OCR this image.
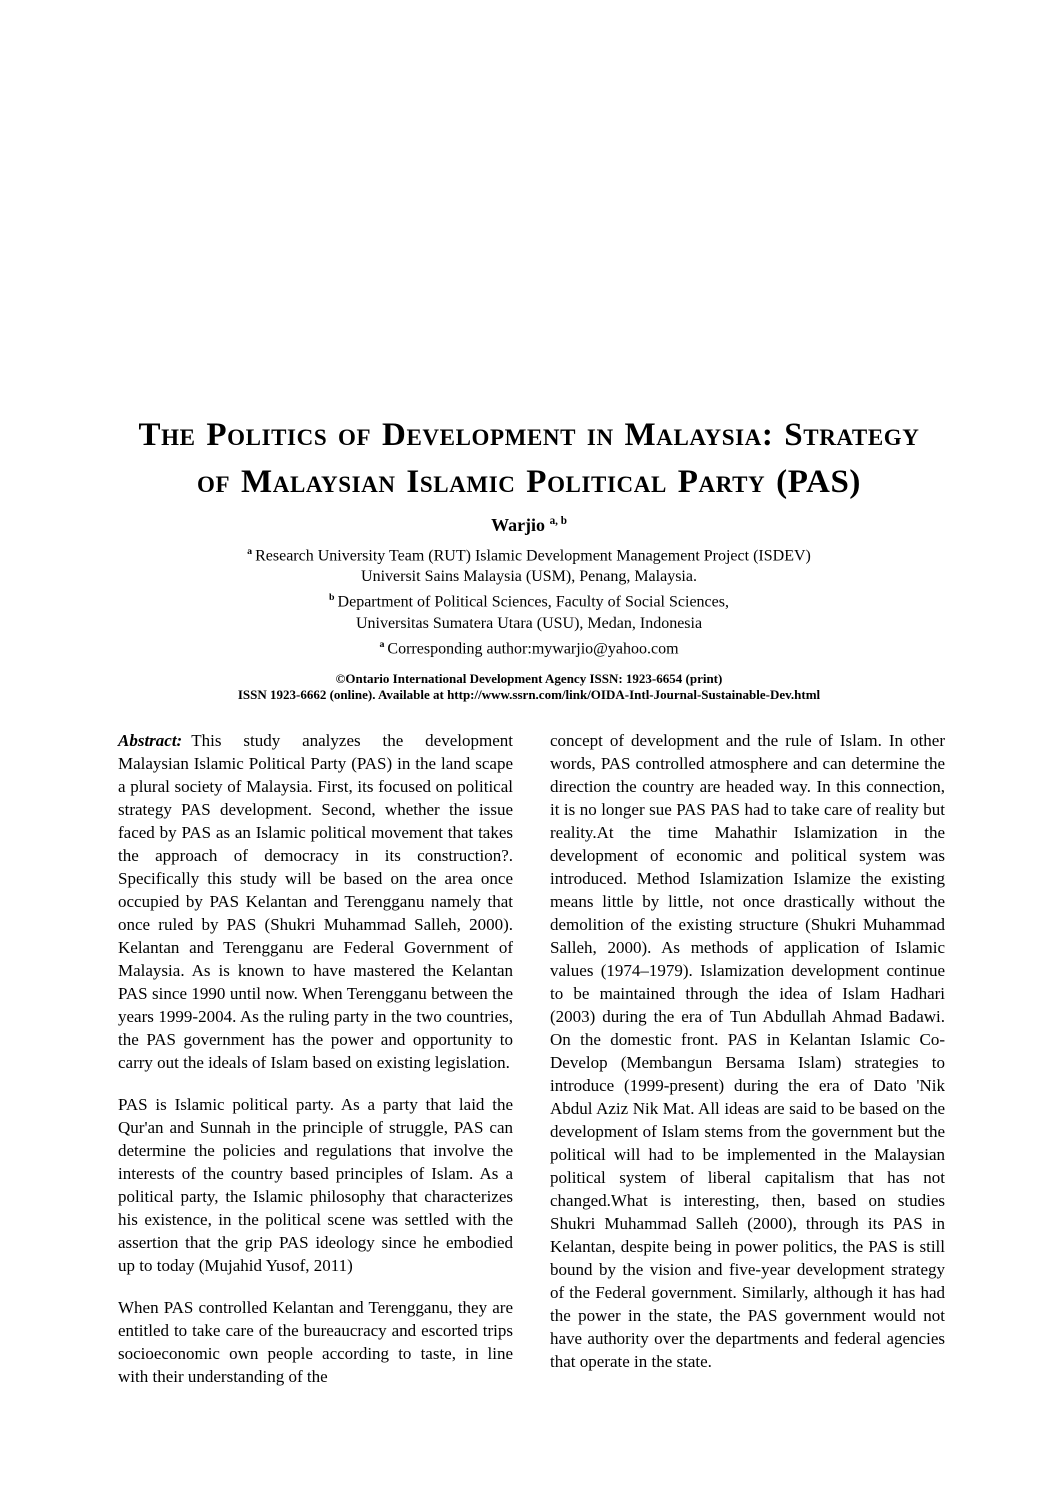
The Politics of Development in Malaysia: Strategy
of Malaysian Islamic Political Party (PAS)
Warjio $^{a, b}$
$^a$ Research University Team (RUT) Islamic Development Management Project (ISDEV)
Universit Sains Malaysia (USM), Penang, Malaysia.
$^b$ Department of Political Sciences, Faculty of Social Sciences,
Universitas Sumatera Utara (USU), Medan, Indonesia
$^a$ Corresponding author:mywarjio@yahoo.com
©Ontario International Development Agency ISSN: 1923-6654 (print)
ISSN 1923-6662 (online). Available at http://www.ssrn.com/link/OIDA-Intl-Journal-Sustainable-Dev.html

Abstract: This study analyzes the development Malaysian Islamic Political Party (PAS) in the land scape a plural society of Malaysia. First, its focused on political strategy PAS development. Second, whether the issue faced by PAS as an Islamic political movement that takes the approach of democracy in its construction?. Specifically this study will be based on the area once occupied by PAS Kelantan and Terengganu namely that once ruled by PAS (Shukri Muhammad Salleh, 2000). Kelantan and Terengganu are Federal Government of Malaysia. As is known to have mastered the Kelantan PAS since 1990 until now. When Terengganu between the years 1999-2004. As the ruling party in the two countries, the PAS government has the power and opportunity to carry out the ideals of Islam based on existing legislation.

PAS is Islamic political party. As a party that laid the Qur'an and Sunnah in the principle of struggle, PAS can determine the policies and regulations that involve the interests of the country based principles of Islam. As a political party, the Islamic philosophy that characterizes his existence, in the political scene was settled with the assertion that the grip PAS ideology since he embodied up to today (Mujahid Yusof, 2011)

When PAS controlled Kelantan and Terengganu, they are entitled to take care of the bureaucracy and escorted trips socioeconomic own people according to taste, in line with their understanding of the

concept of development and the rule of Islam. In other words, PAS controlled atmosphere and can determine the direction the country are headed way. In this connection, it is no longer sue PAS PAS had to take care of reality but reality.At the time Mahathir Islamization in the development of economic and political system was introduced. Method Islamization Islamize the existing means little by little, not once drastically without the demolition of the existing structure (Shukri Muhammad Salleh, 2000). As methods of application of Islamic values (1974–1979). Islamization development continue to be maintained through the idea of Islam Hadhari (2003) during the era of Tun Abdullah Ahmad Badawi. On the domestic front. PAS in Kelantan Islamic Co-Develop (Membangun Bersama Islam) strategies to introduce (1999-present) during the era of Dato 'Nik Abdul Aziz Nik Mat. All ideas are said to be based on the development of Islam stems from the government but the political will had to be implemented in the Malaysian political system of liberal capitalism that has not changed.What is interesting, then, based on studies Shukri Muhammad Salleh (2000), through its PAS in Kelantan, despite being in power politics, the PAS is still bound by the vision and five-year development strategy of the Federal government. Similarly, although it has had the power in the state, the PAS government would not have authority over the departments and federal agencies that operate in the state.
